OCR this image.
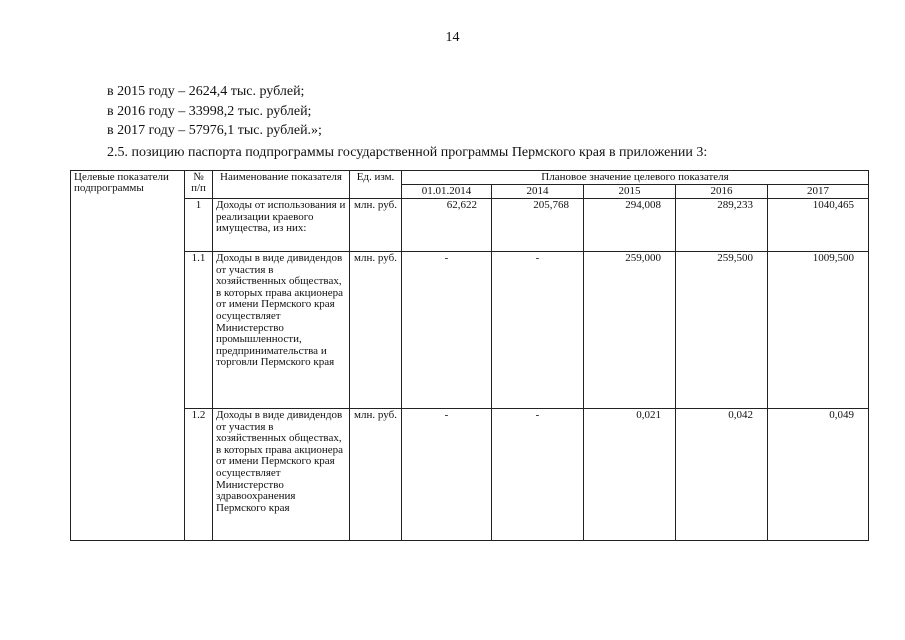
14
в 2015 году – 2624,4 тыс. рублей;
в 2016 году – 33998,2 тыс. рублей;
в 2017 году – 57976,1 тыс. рублей.»;
2.5. позицию паспорта подпрограммы государственной программы Пермского края в приложении 3:
Целевые показатели подпрограммы	№ п/п	Наименование показателя	Ед. изм.	Плановое значение целевого показателя				
				01.01.2014	2014	2015	2016	2017
	1	Доходы от использования и реализации краевого имущества, из них:	млн. руб.	62,622	205,768	294,008	289,233	1040,465
	1.1	Доходы в виде дивидендов от участия в хозяйственных обществах, в которых права акционера от имени Пермского края осуществляет Министерство промышленности, предпринимательства и торговли Пермского края	млн. руб.	-	-	259,000	259,500	1009,500
	1.2	Доходы в виде дивидендов от участия в хозяйственных обществах, в которых права акционера от имени Пермского края осуществляет Министерство здравоохранения Пермского края	млн. руб.	-	-	0,021	0,042	0,049
